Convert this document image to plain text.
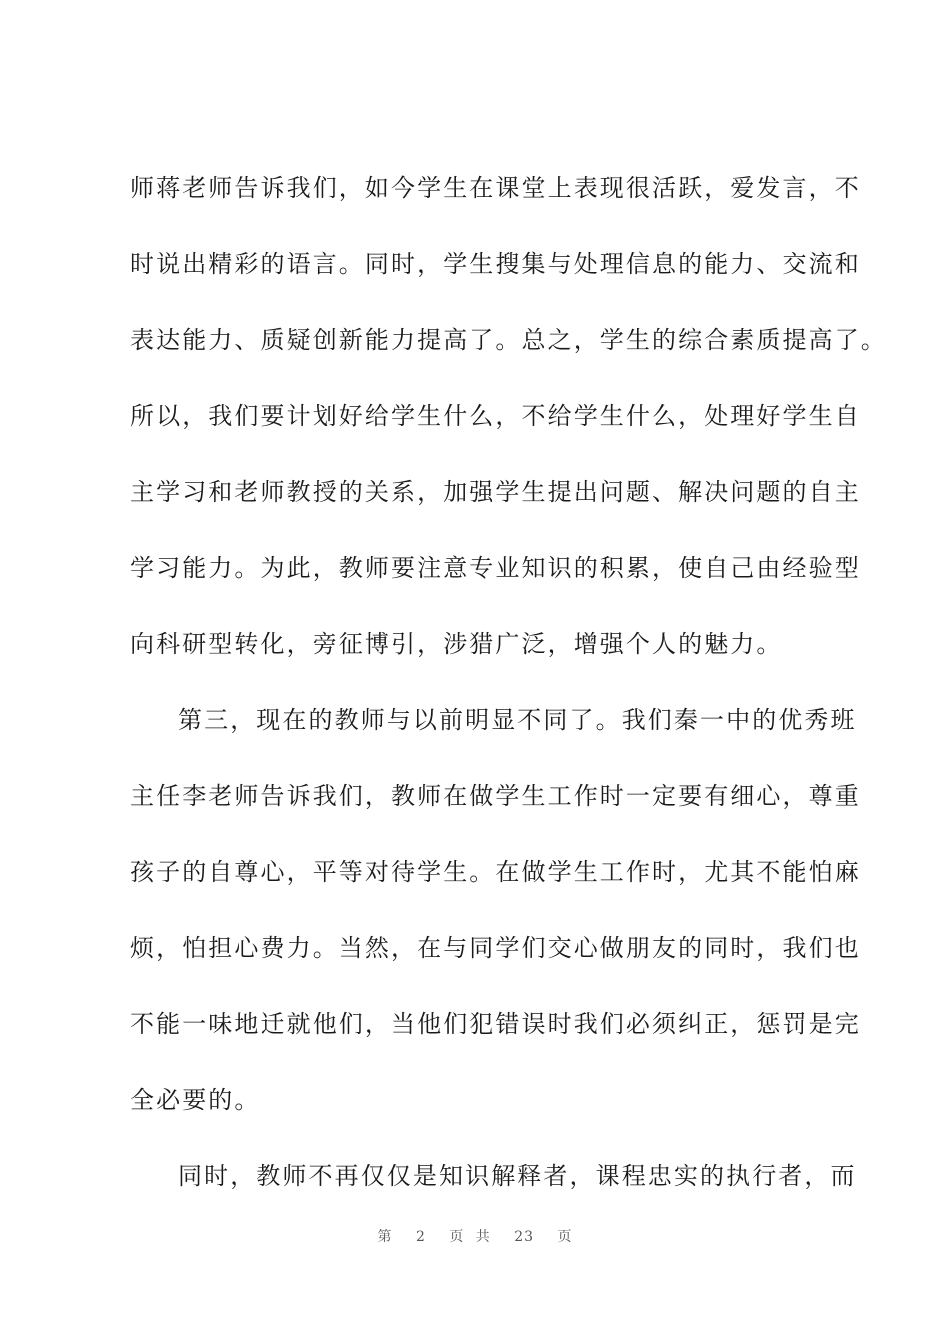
师蒋老师告诉我们，如今学生在课堂上表现很活跃，爱发言，不
时说出精彩的语言。同时，学生搜集与处理信息的能力、交流和
表达能力、质疑创新能力提高了。总之，学生的综合素质提高了。
所以，我们要计划好给学生什么，不给学生什么，处理好学生自
主学习和老师教授的关系，加强学生提出问题、解决问题的自主
学习能力。为此，教师要注意专业知识的积累，使自己由经验型
向科研型转化，旁征博引，涉猎广泛，增强个人的魅力。
第三，现在的教师与以前明显不同了。我们秦一中的优秀班
主任李老师告诉我们，教师在做学生工作时一定要有细心，尊重
孩子的自尊心，平等对待学生。在做学生工作时，尤其不能怕麻
烦，怕担心费力。当然，在与同学们交心做朋友的同时，我们也
不能一味地迁就他们，当他们犯错误时我们必须纠正，惩罚是完
全必要的。
同时，教师不再仅仅是知识解释者，课程忠实的执行者，而
第 2 页 共 23 页
